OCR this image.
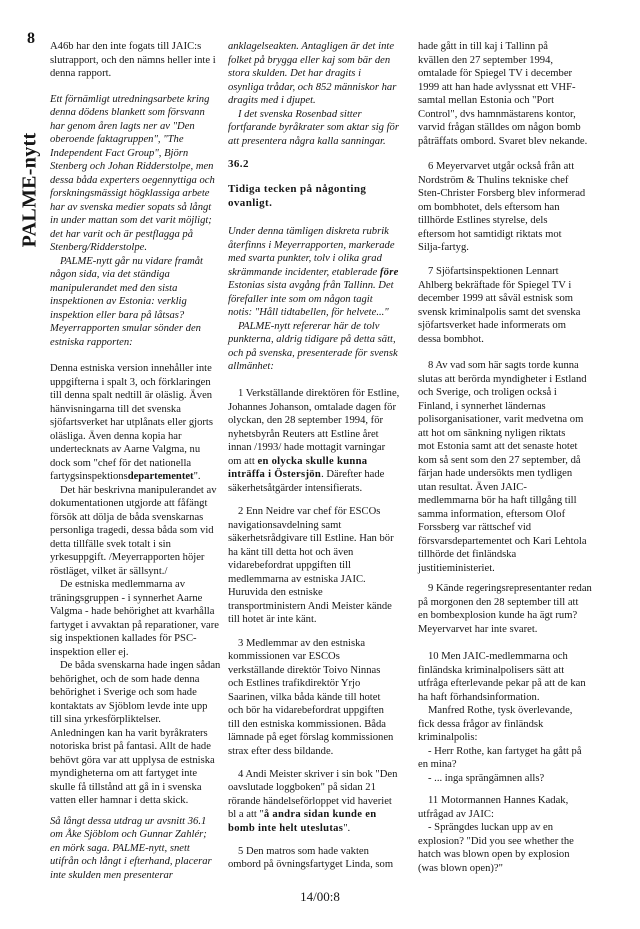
8
PALME-nytt
A46b har den inte fogats till JAIC:s
slutrapport, och den nämns heller inte i
denna rapport.
Ett förnämligt utredningsarbete kring
denna dödens blankett som försvann
har genom åren lagts ner av "Den
oberoende faktagruppen", "The
Independent Fact Group", Björn
Stenberg och Johan Ridderstolpe, men
dessa båda experters oegennyttiga och
forskningsmässigt högklassiga arbete
har av svenska medier sopats så långt
in under mattan som det varit möjligt;
det har varit och är pestflagga på
Stenberg/Ridderstolpe.
PALME-nytt går nu vidare framåt
någon sida, via det ständiga
manipulerandet med den sista
inspektionen av Estonia: verklig
inspektion eller bara på låtsas?
Meyerrapporten smular sönder den
estniska rapporten:
Denna estniska version innehåller inte
uppgifterna i spalt 3, och förklaringen
till denna spalt nedtill är oläslig. Även
hänvisningarna till det svenska
sjöfartsverket har utplånats eller gjorts
oläsliga. Även denna kopia har
undertecknats av Aarne Valgma, nu
dock som "chef för det nationella
fartygsinspektionsdepartementet".
Det här beskrivna manipulerandet av
dokumentationen utgjorde att fåfängt
försök att dölja de båda svenskarnas
personliga tragedi, dessa båda som vid
detta tillfälle svek totalt i sin
yrkesuppgift. /Meyerrapporten höjer
röstläget, vilket är sällsynt./
De estniska medlemmarna av
träningsgruppen - i synnerhet Aarne
Valgma - hade behörighet att kvarhålla
fartyget i avvaktan på reparationer, vare
sig inspektionen kallades för PSC-
inspektion eller ej.
De båda svenskarna hade ingen sådan
behörighet, och de som hade denna
behörighet i Sverige och som hade
kontaktats av Sjöblom levde inte upp
till sina yrkesförpliktelser.
Anledningen kan ha varit byråkraters
notoriska brist på fantasi. Allt de hade
behövt göra var att upplysa de estniska
myndigheterna om att fartyget inte
skulle få tillstånd att gå in i svenska
vatten eller hamnar i detta skick.
Så långt dessa utdrag ur avsnitt 36.1
om Åke Sjöblom och Gunnar Zahlér;
en mörk saga. PALME-nytt, snett
utifrån och långt i efterhand, placerar
inte skulden men presenterar
anklagelseakten. Antagligen är det inte
folket på brygga eller kaj som bär den
stora skulden. Det har dragits i
osynliga trådar, och 852 människor har
dragits med i djupet.
I det svenska Rosenbad sitter
fortfarande byråkrater som aktar sig för
att presentera några kalla sanningar.
36.2
Tidiga tecken på någonting
ovanligt.
Under denna tämligen diskreta rubrik
återfinns i Meyerrapporten, markerade
med svarta punkter, tolv i olika grad
skrämmande incidenter, etablerade före
Estonias sista avgång från Tallinn. Det
förefaller inte som om någon tagit
notis: "Håll tidtabellen, för helvete..."
PALME-nytt refererar här de tolv
punkterna, aldrig tidigare på detta sätt,
och på svenska, presenterade för svensk
allmänhet:
1 Verkställande direktören för Estline,
Johannes Johanson, omtalade dagen för
olyckan, den 28 september 1994, för
nyhetsbyrån Reuters att Estline året
innan /1993/ hade mottagit varningar
om att en olycka skulle kunna
inträffa i Östersjön. Därefter hade
säkerhetsåtgärder intensifierats.
2 Enn Neidre var chef för ESCOs
navigationsavdelning samt
säkerhetsrådgivare till Estline. Han bör
ha känt till detta hot och även
vidarebefordrat uppgiften till
medlemmarna av estniska JAIC.
Huruvida den estniske
transportministern Andi Meister kände
till hotet är inte känt.
3 Medlemmar av den estniska
kommissionen var ESCOs
verkställande direktör Toivo Ninnas
och Estlines trafikdirektör Yrjo
Saarinen, vilka båda kände till hotet
och bör ha vidarebefordrat uppgiften
till den estniska kommissionen. Båda
lämnade på eget förslag kommissionen
strax efter dess bildande.
4 Andi Meister skriver i sin bok "Den
oavslutade loggboken" på sidan 21
rörande händelseförloppet vid haveriet
bl a att "å andra sidan kunde en
bomb inte helt uteslutas".
5 Den matros som hade vakten
ombord på övningsfartyget Linda, som
hade gått in till kaj i Tallinn på
kvällen den 27 september 1994,
omtalade för Spiegel TV i december
1999 att han hade avlyssnat ett VHF-
samtal mellan Estonia och "Port
Control", dvs hamnmästarens kontor,
varvid frågan ställdes om någon bomb
påträffats ombord. Svaret blev nekande.
6 Meyervarvet utgår också från att
Nordström & Thulins tekniske chef
Sten-Christer Forsberg blev informerad
om bombhotet, dels eftersom han
tillhörde Estlines styrelse, dels
eftersom hot samtidigt riktats mot
Silja-fartyg.
7 Sjöfartsinspektionen Lennart
Ahlberg bekräftade för Spiegel TV i
december 1999 att såväl estnisk som
svensk kriminalpolis samt det svenska
sjöfartsverket hade informerats om
dessa bombhot.
8 Av vad som här sagts torde kunna
slutas att berörda myndigheter i Estland
och Sverige, och troligen också i
Finland, i synnerhet ländernas
polisorganisationer, varit medvetna om
att hot om sänkning nyligen riktats
mot Estonia samt att det senaste hotet
kom så sent som den 27 september, då
färjan hade undersökts men tydligen
utan resultat. Även JAIC-
medlemmarna bör ha haft tillgång till
samma information, eftersom Olof
Forssberg var rättschef vid
försvarsdepartementet och Kari Lehtola
tillhörde det finländska
justitieministeriet.
9 Kände regeringsrepresentanter redan
på morgonen den 28 september till att
en bombexplosion kunde ha ägt rum?
Meyervarvet har inte svaret.
10 Men JAIC-medlemmarna och
finländska kriminalpolisers sätt att
utfråga efterlevande pekar på att de kan
ha haft förhandsinformation.
Manfred Rothe, tysk överlevande,
fick dessa frågor av finländsk
kriminalpolis:
- Herr Rothe, kan fartyget ha gått på
en mina?
- ... inga sprängämnen alls?
11 Motormannen Hannes Kadak,
utfrågad av JAIC:
- Sprängdes luckan upp av en
explosion? "Did you see whether the
hatch was blown open by explosion
(was blown open)?"
14/00:8
